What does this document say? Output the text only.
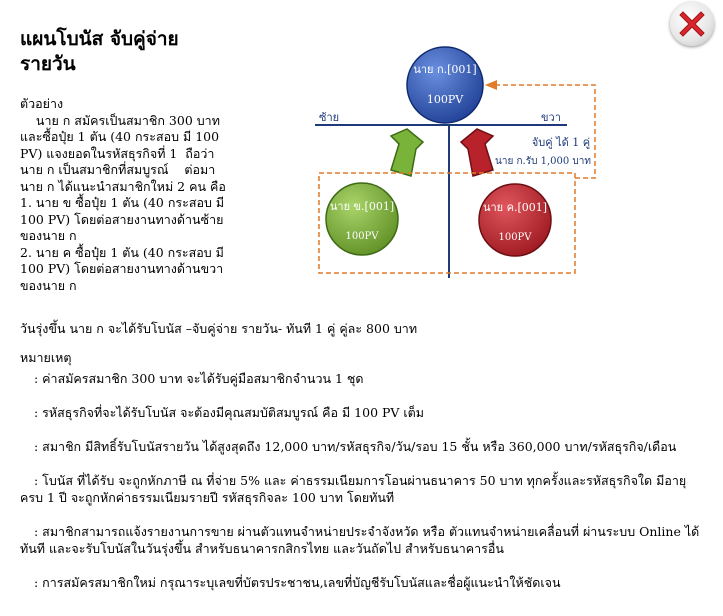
แผนโบนัส จับคู่จ่าย
รายวัน

ตัวอย่าง

นาย ก สมัครเป็นสมาชิก 300 บาท และซื้อปุ๋ย 1 ตัน (40 กระสอบ มี 100 PV) แจงยอดในรหัสธุรกิจที่ 1  ถือว่า นาย ก เป็นสมาชิกที่สมบูรณ์    ต่อมา นาย ก ได้แนะนำสมาชิกใหม่ 2 คน คือ

1. นาย ข ซื้อปุ๋ย 1 ตัน (40 กระสอบ มี 100 PV) โดยต่อสายงานทางด้านซ้าย ของนาย ก

2. นาย ค ซื้อปุ๋ย 1 ตัน (40 กระสอบ มี 100 PV) โดยต่อสายงานทางด้านขวา ของนาย ก

วันรุ่งขึ้น นาย ก จะได้รับโบนัส –จับคู่จ่าย รายวัน- ทันที 1 คู่ คู่ละ 800 บาท
ซ้าย	ขวา
นาย ก.[001]
100PV
จับคู่ ได้ 1 คู่
นาย ก.รับ 1,000 บาท
นาย ข.[001]
100PV
นาย ค.[001]
100PV

หมายเหตุ

: ค่าสมัครสมาชิก 300 บาท จะได้รับคู่มือสมาชิกจำนวน 1 ชุด
: รหัสธุรกิจที่จะได้รับโบนัส จะต้องมีคุณสมบัติสมบูรณ์ คือ มี 100 PV เต็ม
: สมาชิก มีสิทธิ์รับโบนัสรายวัน ได้สูงสุดถึง 12,000 บาท/รหัสธุรกิจ/วัน/รอบ 15 ชั้น หรือ 360,000 บาท/รหัสธุรกิจ/เดือน
: โบนัส ที่ได้รับ จะถูกหักภาษี ณ ที่จ่าย 5% และ ค่าธรรมเนียมการโอนผ่านธนาคาร 50 บาท ทุกครั้งและรหัสธุรกิจใด มีอายุ ครบ 1 ปี จะถูกหักค่าธรรมเนียมรายปี รหัสธุรกิจละ 100 บาท โดยทันที
: สมาชิกสามารถแจ้งรายงานการขาย ผ่านตัวแทนจำหน่ายประจำจังหวัด หรือ ตัวแทนจำหน่ายเคลื่อนที่ ผ่านระบบ Online ได้ทันที และจะรับโบนัสในวันรุ่งขึ้น สำหรับธนาคารกสิกรไทย และวันถัดไป สำหรับธนาคารอื่น
: การสมัครสมาชิกใหม่ กรุณาระบุเลขที่บัตรประชาชน,เลขที่บัญชีรับโบนัสและชื่อผู้แนะนำให้ชัดเจน
